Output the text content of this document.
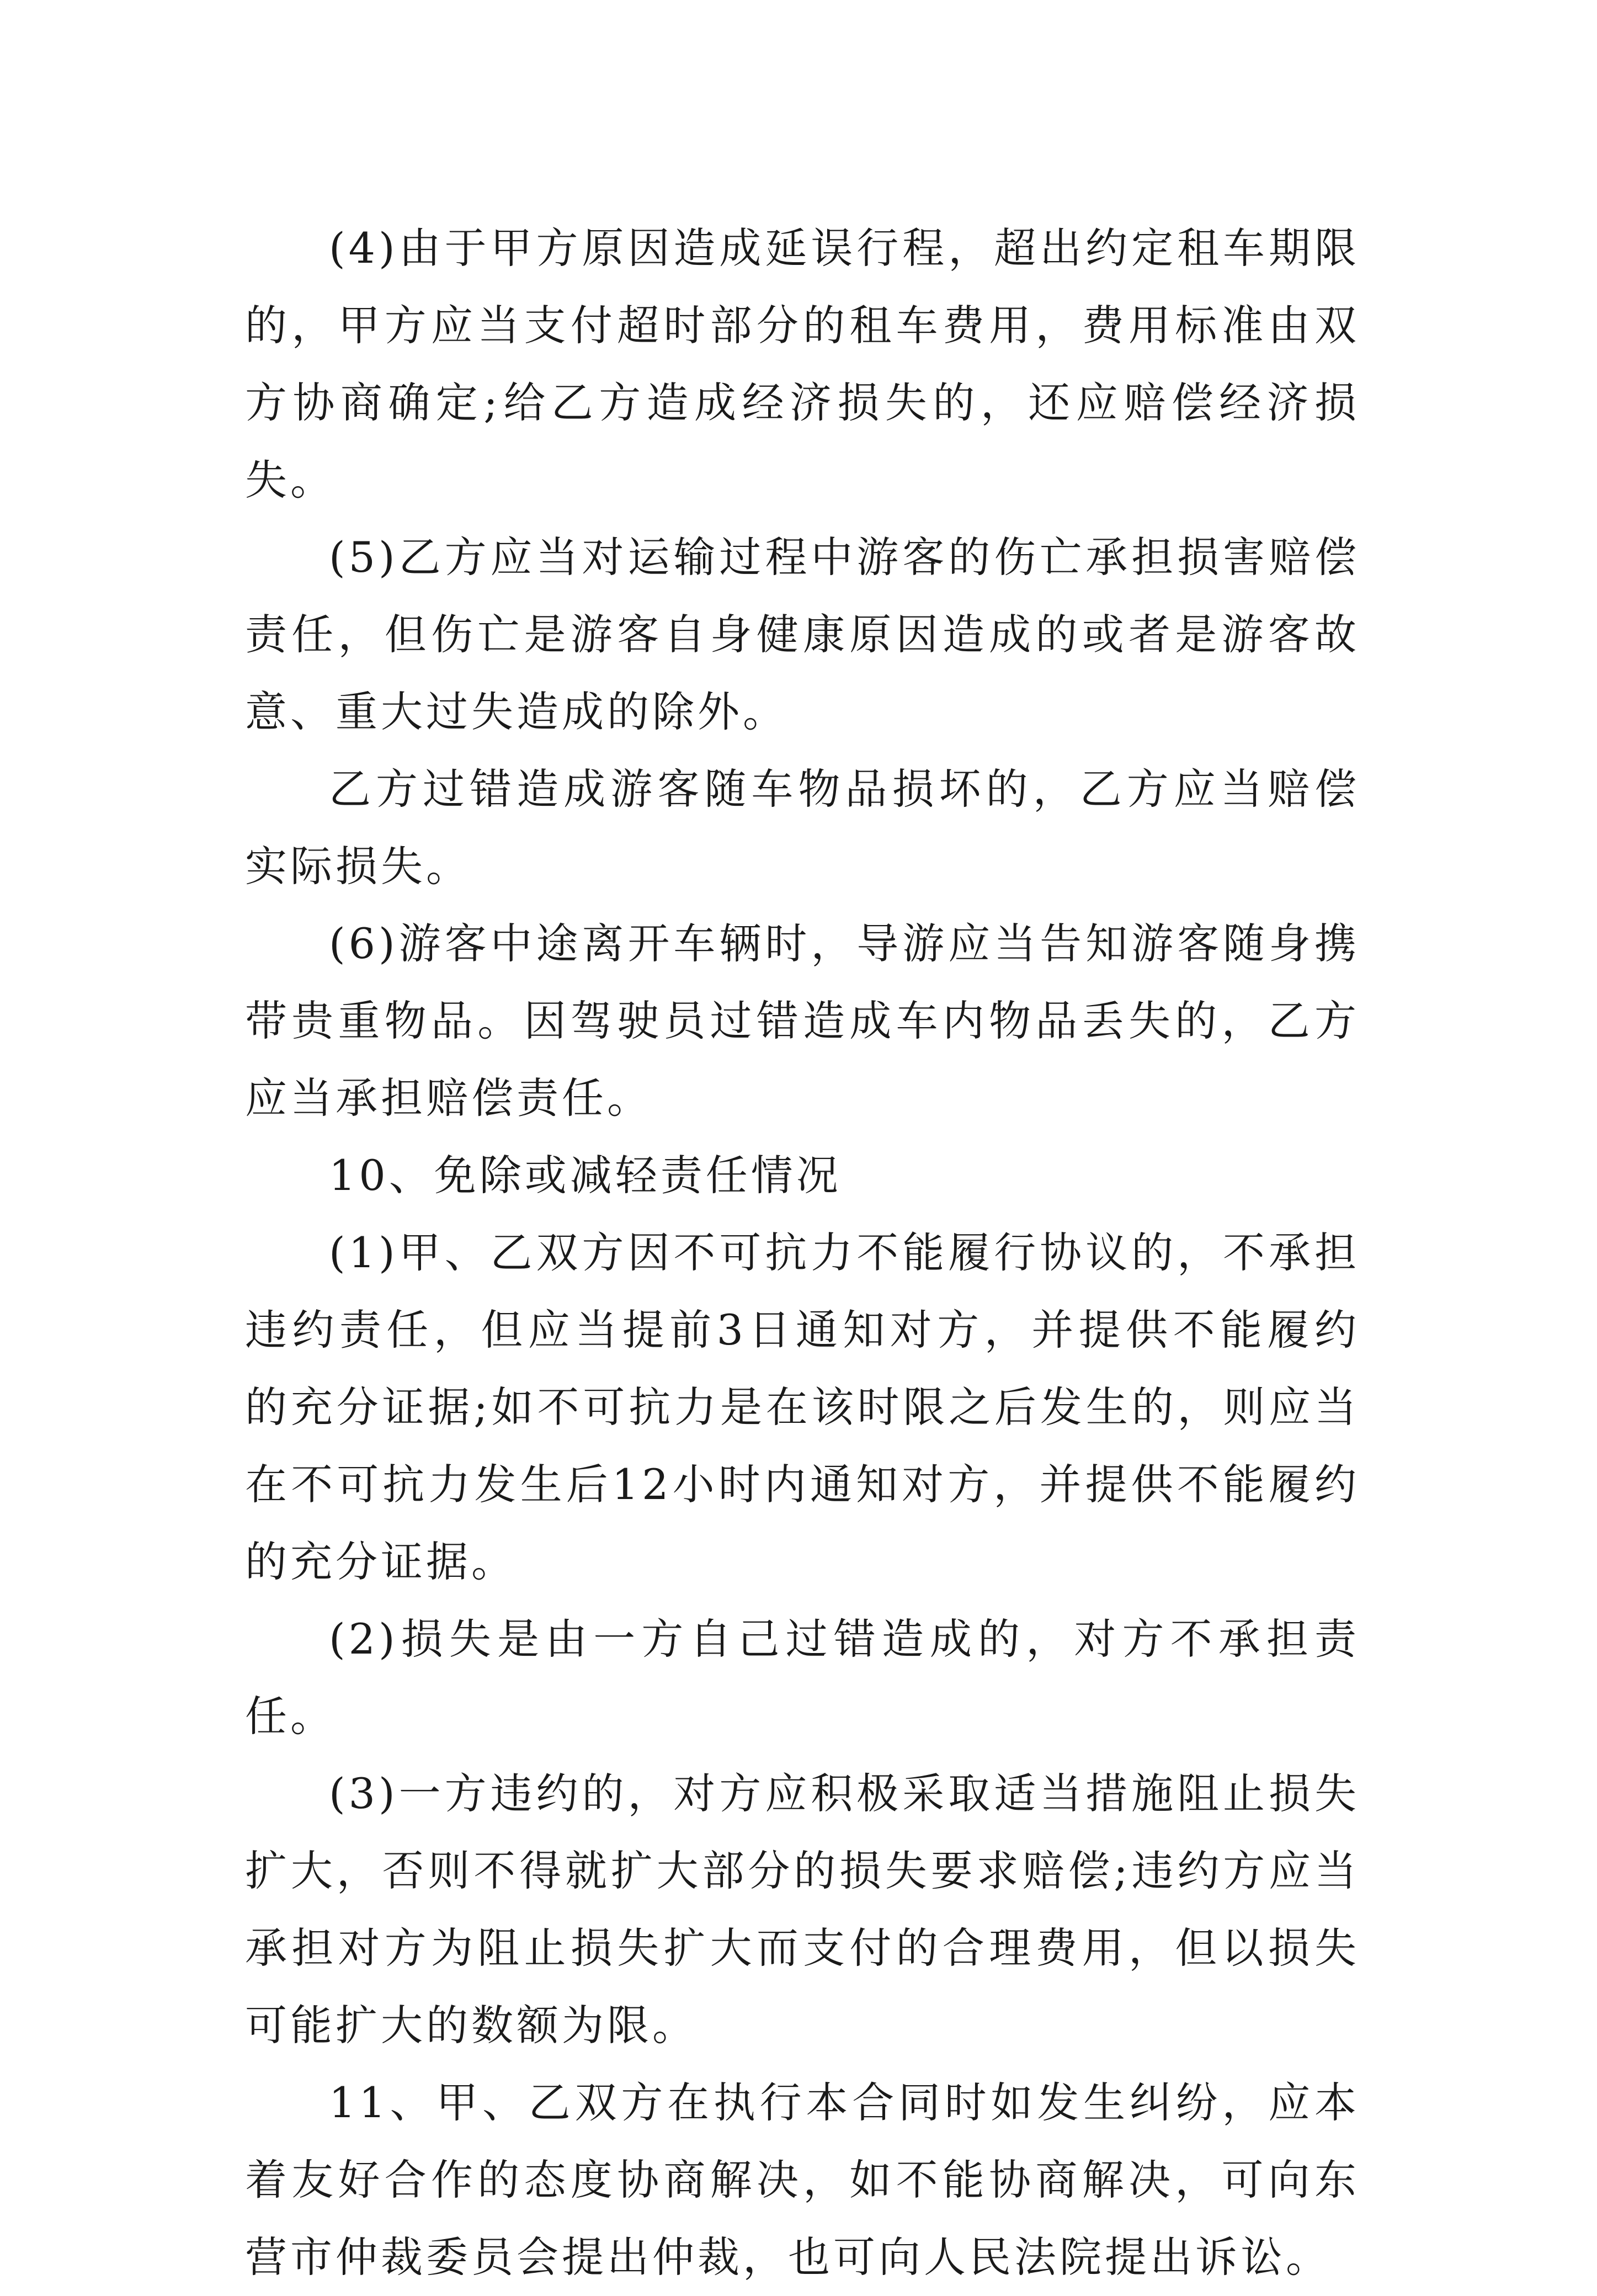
(4)由于甲方原因造成延误行程，超出约定租车期限的，甲方应当支付超时部分的租车费用，费用标准由双方协商确定;给乙方造成经济损失的，还应赔偿经济损失。

(5)乙方应当对运输过程中游客的伤亡承担损害赔偿责任，但伤亡是游客自身健康原因造成的或者是游客故意、重大过失造成的除外。

乙方过错造成游客随车物品损坏的，乙方应当赔偿实际损失。

(6)游客中途离开车辆时，导游应当告知游客随身携带贵重物品。因驾驶员过错造成车内物品丢失的，乙方应当承担赔偿责任。

10、免除或减轻责任情况

(1)甲、乙双方因不可抗力不能履行协议的，不承担违约责任，但应当提前3日通知对方，并提供不能履约的充分证据;如不可抗力是在该时限之后发生的，则应当在不可抗力发生后12小时内通知对方，并提供不能履约的充分证据。

(2)损失是由一方自己过错造成的，对方不承担责任。

(3)一方违约的，对方应积极采取适当措施阻止损失扩大，否则不得就扩大部分的损失要求赔偿;违约方应当承担对方为阻止损失扩大而支付的合理费用，但以损失可能扩大的数额为限。

11、甲、乙双方在执行本合同时如发生纠纷，应本着友好合作的态度协商解决，如不能协商解决，可向东营市仲裁委员会提出仲裁，也可向人民法院提出诉讼。
